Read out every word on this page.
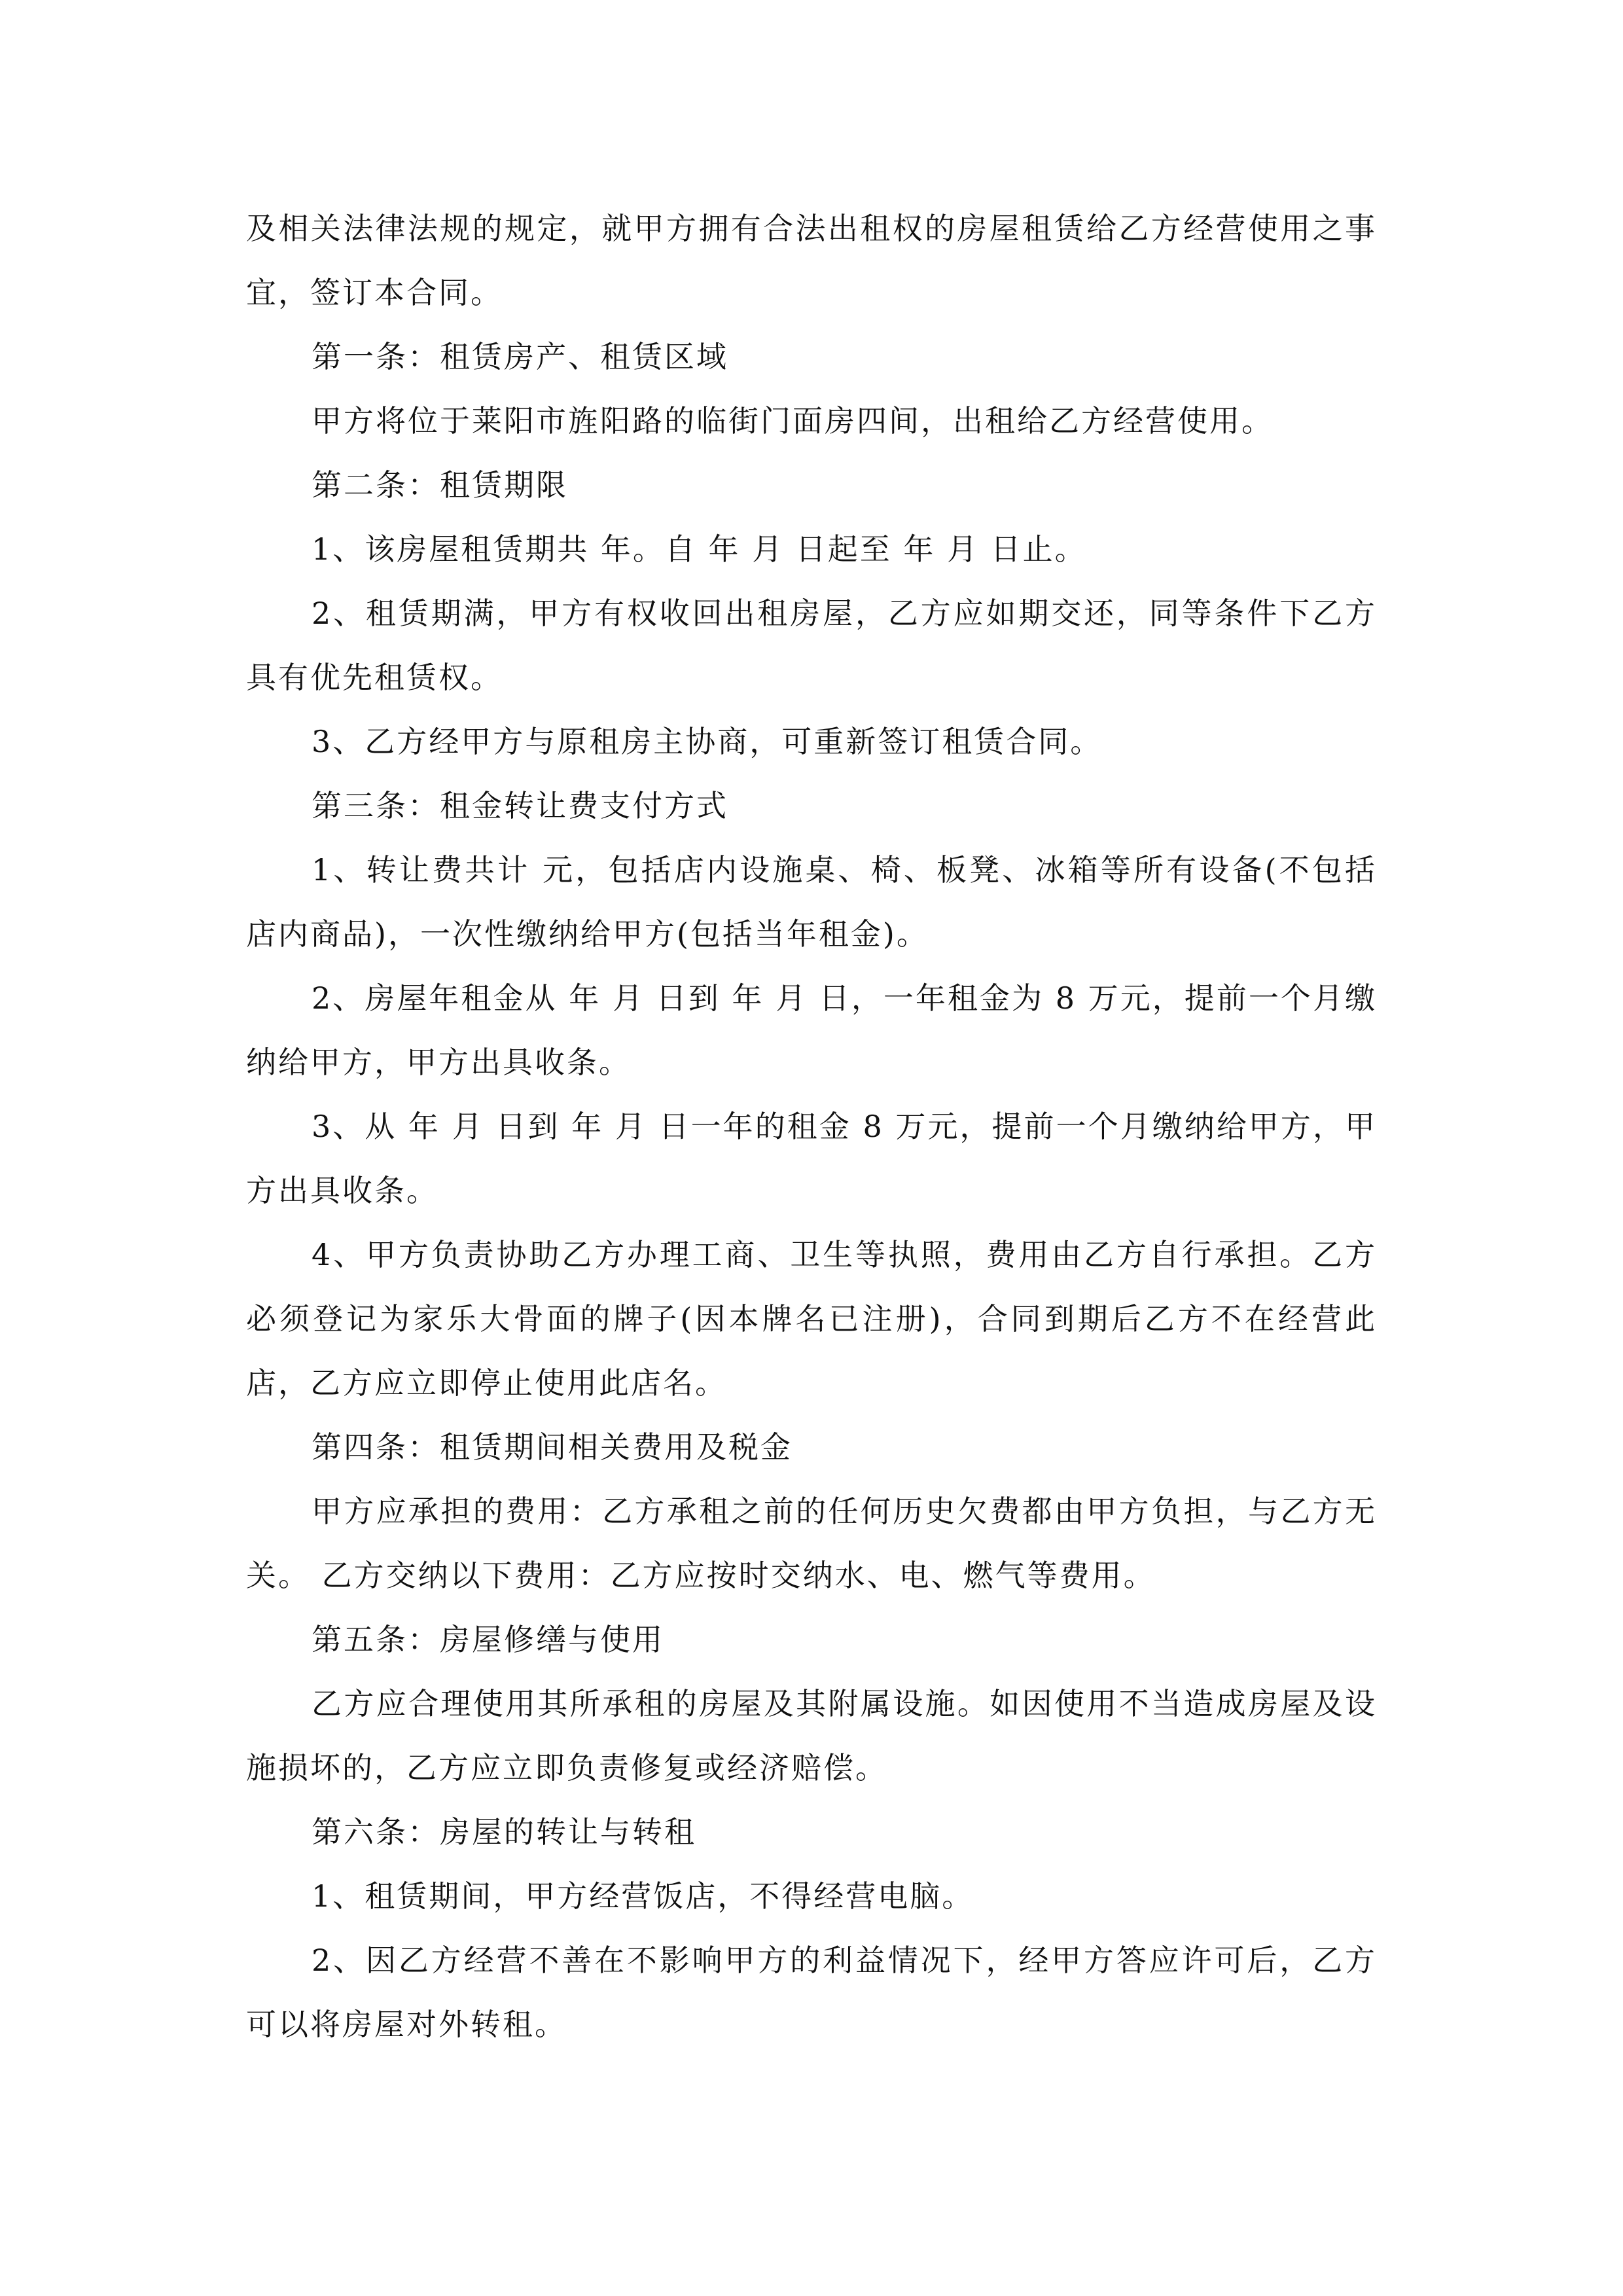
及相关法律法规的规定，就甲方拥有合法出租权的房屋租赁给乙方经营使用之事宜，签订本合同。

第一条：租赁房产、租赁区域

甲方将位于莱阳市旌阳路的临街门面房四间，出租给乙方经营使用。

第二条：租赁期限

1、该房屋租赁期共 年。自 年 月 日起至 年 月 日止。

2、租赁期满，甲方有权收回出租房屋，乙方应如期交还，同等条件下乙方具有优先租赁权。

3、乙方经甲方与原租房主协商，可重新签订租赁合同。

第三条：租金转让费支付方式

1、转让费共计 元，包括店内设施桌、椅、板凳、冰箱等所有设备(不包括店内商品)，一次性缴纳给甲方(包括当年租金)。

2、房屋年租金从 年 月 日到 年 月 日，一年租金为 8 万元，提前一个月缴纳给甲方，甲方出具收条。

3、从 年 月 日到 年 月 日一年的租金 8 万元，提前一个月缴纳给甲方，甲方出具收条。

4、甲方负责协助乙方办理工商、卫生等执照，费用由乙方自行承担。乙方必须登记为家乐大骨面的牌子(因本牌名已注册)，合同到期后乙方不在经营此店，乙方应立即停止使用此店名。

第四条：租赁期间相关费用及税金

甲方应承担的费用：乙方承租之前的任何历史欠费都由甲方负担，与乙方无关。 乙方交纳以下费用：乙方应按时交纳水、电、燃气等费用。

第五条：房屋修缮与使用

乙方应合理使用其所承租的房屋及其附属设施。如因使用不当造成房屋及设施损坏的，乙方应立即负责修复或经济赔偿。

第六条：房屋的转让与转租

1、租赁期间，甲方经营饭店，不得经营电脑。

2、因乙方经营不善在不影响甲方的利益情况下，经甲方答应许可后，乙方可以将房屋对外转租。
